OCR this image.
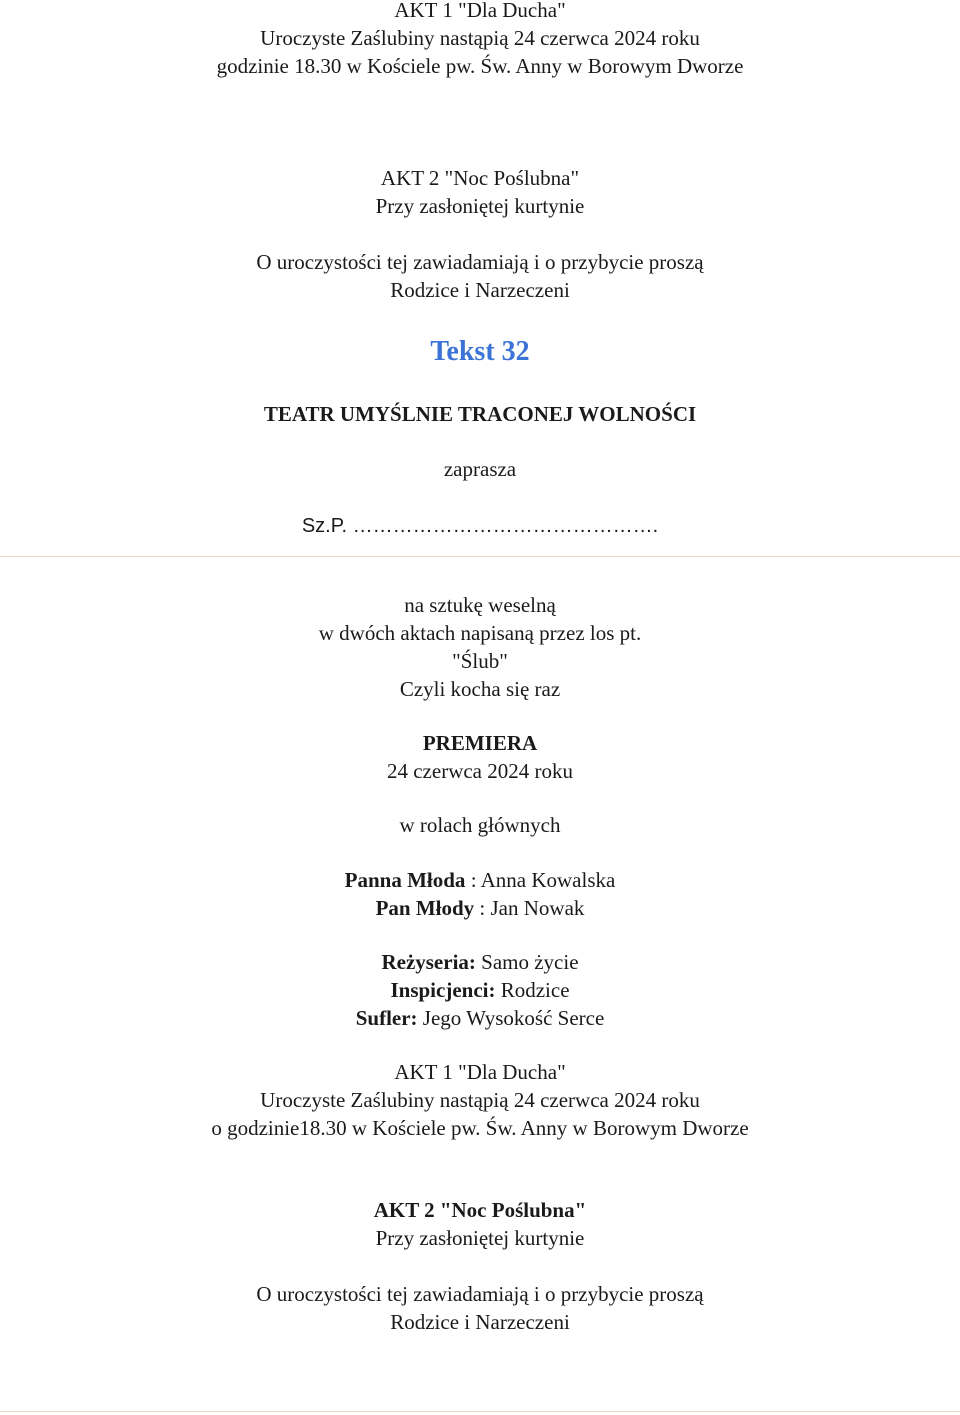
AKT 1 "Dla Ducha"
Uroczyste Zaślubiny nastąpią 24 czerwca 2024 roku
godzinie 18.30 w Kościele pw. Św. Anny w Borowym Dworze
AKT 2 "Noc Poślubna"
Przy zasłoniętej kurtynie
O uroczystości tej zawiadamiają i o przybycie proszą
Rodzice i Narzeczeni
Tekst 32
TEATR UMYŚLNIE TRACONEJ WOLNOŚCI
zaprasza
Sz.P. ……………………………………….
na sztukę weselną
w dwóch aktach napisaną przez los pt.
"Ślub"
Czyli kocha się raz
PREMIERA
24 czerwca 2024 roku
w rolach głównych
Panna Młoda : Anna Kowalska
Pan Młody : Jan Nowak
Reżyseria: Samo życie
Inspicjenci: Rodzice
Sufler: Jego Wysokość Serce
AKT 1 "Dla Ducha"
Uroczyste Zaślubiny nastąpią 24 czerwca 2024 roku
o godzinie18.30 w Kościele pw. Św. Anny w Borowym Dworze
AKT 2 "Noc Poślubna"
Przy zasłoniętej kurtynie
O uroczystości tej zawiadamiają i o przybycie proszą
Rodzice i Narzeczeni
